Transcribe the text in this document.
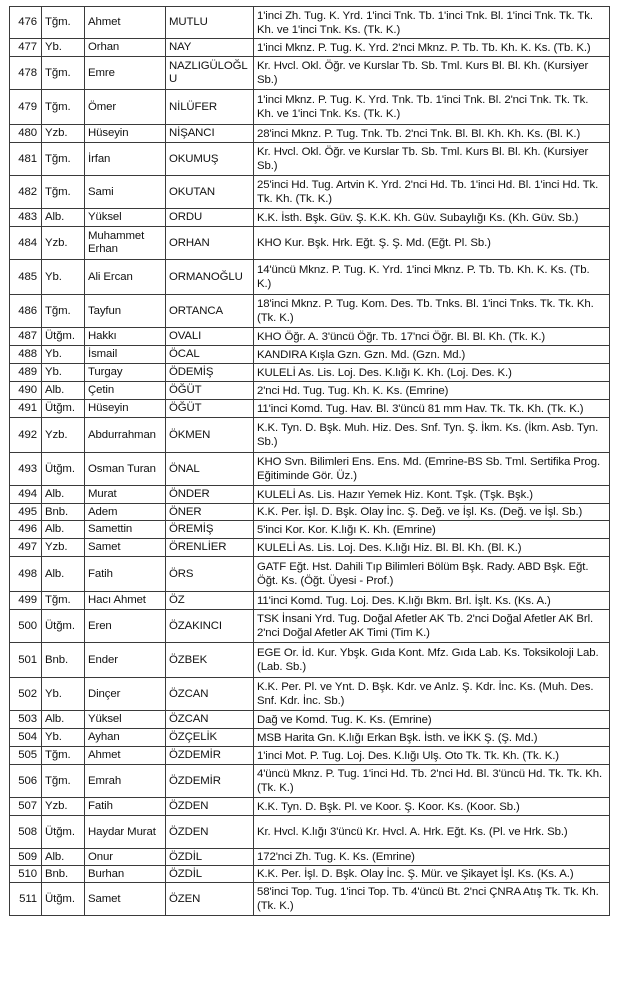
476	Tğm.	Ahmet	MUTLU	1'inci Zh. Tug. K. Yrd. 1'inci Tnk. Tb. 1'inci Tnk. Bl. 1'inci Tnk. Tk. Tk. Kh. ve 1'inci Tnk. Ks. (Tk. K.)
477	Yb.	Orhan	NAY	1'inci Mknz. P. Tug. K. Yrd. 2'nci Mknz. P. Tb. Tb. Kh. K. Ks. (Tb. K.)
478	Tğm.	Emre	NAZLIGÜLOĞLU	Kr. Hvcl. Okl. Öğr. ve Kurslar Tb. Sb. Tml. Kurs Bl. Bl. Kh. (Kursiyer Sb.)
479	Tğm.	Ömer	NİLÜFER	1'inci Mknz. P. Tug. K. Yrd. Tnk. Tb. 1'inci Tnk. Bl. 2'nci Tnk. Tk. Tk. Kh. ve 1'inci Tnk. Ks. (Tk. K.)
480	Yzb.	Hüseyin	NİŞANCI	28'inci Mknz. P. Tug. Tnk. Tb. 2'nci Tnk. Bl. Bl. Kh. Kh. Ks. (Bl. K.)
481	Tğm.	İrfan	OKUMUŞ	Kr. Hvcl. Okl. Öğr. ve Kurslar Tb. Sb. Tml. Kurs Bl. Bl. Kh. (Kursiyer Sb.)
482	Tğm.	Sami	OKUTAN	25'inci Hd. Tug. Artvin K. Yrd. 2'nci Hd. Tb. 1'inci Hd. Bl. 1'inci Hd. Tk. Tk. Kh. (Tk. K.)
483	Alb.	Yüksel	ORDU	K.K. İsth. Bşk. Güv. Ş. K.K. Kh. Güv. Subaylığı Ks. (Kh. Güv. Sb.)
484	Yzb.	Muhammet Erhan	ORHAN	KHO Kur. Bşk. Hrk. Eğt. Ş. Ş. Md. (Eğt. Pl. Sb.)
485	Yb.	Ali Ercan	ORMANOĞLU	14'üncü Mknz. P. Tug. K. Yrd. 1'inci Mknz. P. Tb. Tb. Kh. K. Ks. (Tb. K.)
486	Tğm.	Tayfun	ORTANCA	18'inci Mknz. P. Tug. Kom. Des. Tb. Tnks. Bl. 1'inci Tnks. Tk. Tk. Kh. (Tk. K.)
487	Ütğm.	Hakkı	OVALI	KHO Öğr. A. 3'üncü Öğr. Tb. 17'nci Öğr. Bl. Bl. Kh. (Tk. K.)
488	Yb.	İsmail	ÖCAL	KANDIRA Kışla Gzn. Gzn. Md. (Gzn. Md.)
489	Yb.	Turgay	ÖDEMİŞ	KULELİ As. Lis. Loj. Des. K.lığı K. Kh. (Loj. Des. K.)
490	Alb.	Çetin	ÖĞÜT	2'nci Hd. Tug. Tug. Kh. K. Ks. (Emrine)
491	Ütğm.	Hüseyin	ÖĞÜT	11'inci Komd. Tug. Hav. Bl. 3'üncü 81 mm Hav. Tk. Tk. Kh. (Tk. K.)
492	Yzb.	Abdurrahman	ÖKMEN	K.K. Tyn. D. Bşk. Muh. Hiz. Des. Snf. Tyn. Ş. İkm. Ks. (İkm. Asb. Tyn. Sb.)
493	Ütğm.	Osman Turan	ÖNAL	KHO Svn. Bilimleri Ens. Ens. Md. (Emrine-BS Sb. Tml. Sertifika Prog. Eğitiminde Gör. Üz.)
494	Alb.	Murat	ÖNDER	KULELİ As. Lis. Hazır Yemek Hiz. Kont. Tşk. (Tşk. Bşk.)
495	Bnb.	Adem	ÖNER	K.K. Per. İşl. D. Bşk. Olay İnc. Ş. Değ. ve İşl. Ks. (Değ. ve İşl. Sb.)
496	Alb.	Samettin	ÖREMİŞ	5'inci Kor. Kor. K.lığı K. Kh. (Emrine)
497	Yzb.	Samet	ÖRENLİER	KULELİ As. Lis. Loj. Des. K.lığı Hiz. Bl. Bl. Kh. (Bl. K.)
498	Alb.	Fatih	ÖRS	GATF Eğt. Hst. Dahili Tıp Bilimleri Bölüm Bşk. Rady. ABD Bşk. Eğt. Öğt. Ks. (Öğt. Üyesi - Prof.)
499	Tğm.	Hacı Ahmet	ÖZ	11'inci Komd. Tug. Loj. Des. K.lığı Bkm. Brl. İşlt. Ks. (Ks. A.)
500	Ütğm.	Eren	ÖZAKINCI	TSK İnsani Yrd. Tug. Doğal Afetler AK Tb. 2'nci Doğal Afetler AK Brl. 2'nci Doğal Afetler AK Timi (Tim K.)
501	Bnb.	Ender	ÖZBEK	EGE Or. İd. Kur. Ybşk. Gıda Kont. Mfz. Gıda Lab. Ks. Toksikoloji Lab. (Lab. Sb.)
502	Yb.	Dinçer	ÖZCAN	K.K. Per. Pl. ve Ynt. D. Bşk. Kdr. ve Anlz. Ş. Kdr. İnc. Ks. (Muh. Des. Snf. Kdr. İnc. Sb.)
503	Alb.	Yüksel	ÖZCAN	Dağ ve Komd. Tug. K. Ks. (Emrine)
504	Yb.	Ayhan	ÖZÇELİK	MSB Harita Gn. K.lığı Erkan Bşk. İsth. ve İKK Ş. (Ş. Md.)
505	Tğm.	Ahmet	ÖZDEMİR	1'inci Mot. P. Tug. Loj. Des. K.lığı Ulş. Oto Tk. Tk. Kh. (Tk. K.)
506	Tğm.	Emrah	ÖZDEMİR	4'üncü Mknz. P. Tug. 1'inci Hd. Tb. 2'nci Hd. Bl. 3'üncü Hd. Tk. Tk. Kh. (Tk. K.)
507	Yzb.	Fatih	ÖZDEN	K.K. Tyn. D. Bşk. Pl. ve Koor. Ş. Koor. Ks. (Koor. Sb.)
508	Ütğm.	Haydar Murat	ÖZDEN	Kr. Hvcl. K.lığı 3'üncü Kr. Hvcl. A. Hrk. Eğt. Ks. (Pl. ve Hrk. Sb.)
509	Alb.	Onur	ÖZDİL	172'nci Zh. Tug. K. Ks. (Emrine)
510	Bnb.	Burhan	ÖZDİL	K.K. Per. İşl. D. Bşk. Olay İnc. Ş. Mür. ve Şikayet İşl. Ks. (Ks. A.)
511	Ütğm.	Samet	ÖZEN	58'inci Top. Tug. 1'inci Top. Tb. 4'üncü Bt. 2'nci ÇNRA Atış Tk. Tk. Kh. (Tk. K.)
